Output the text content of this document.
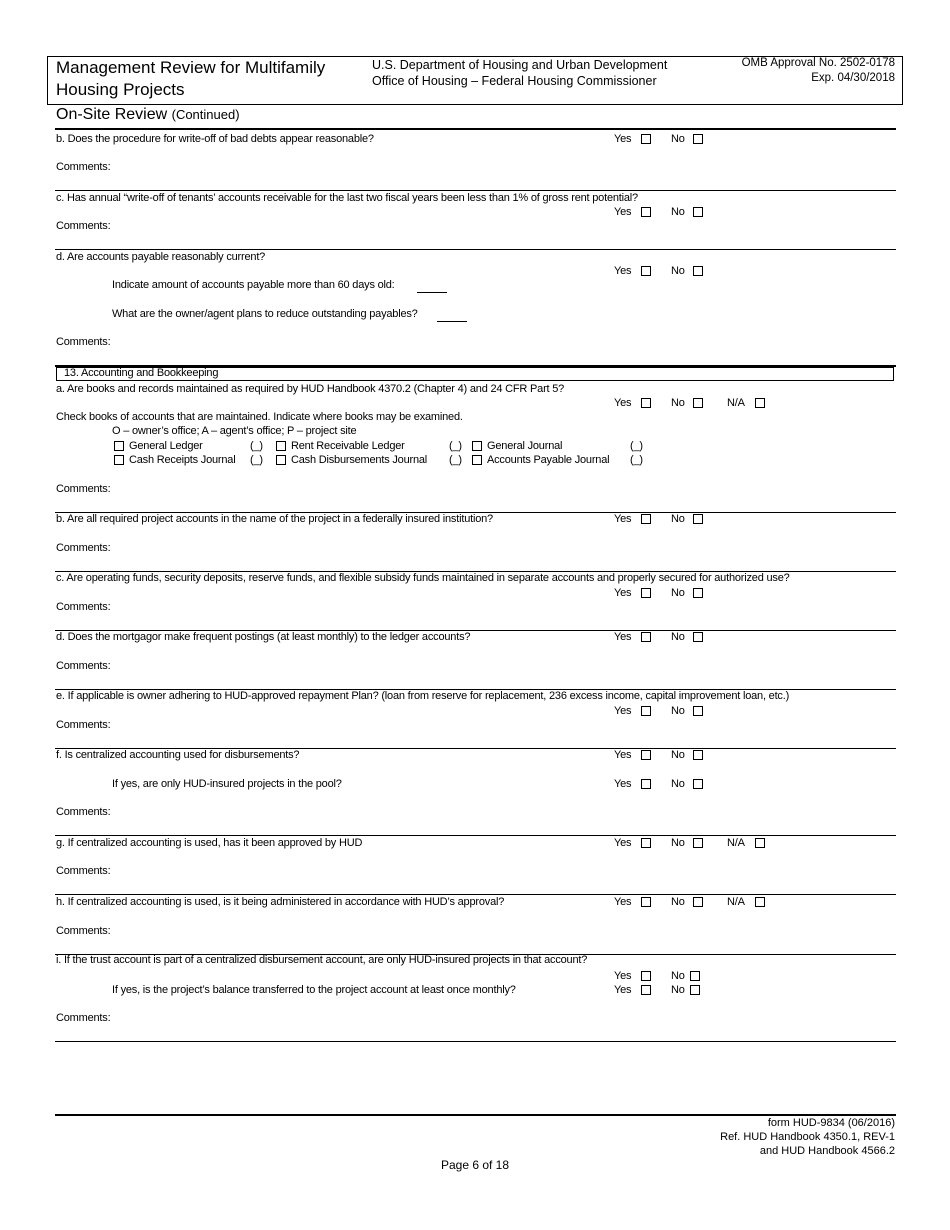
Management Review for Multifamily
Housing Projects
U.S. Department of Housing and Urban Development
Office of Housing – Federal Housing Commissioner
OMB Approval No. 2502-0178
Exp. 04/30/2018
On-Site Review (Continued)
b. Does the procedure for write-off of bad debts appear reasonable?	Yes	No
Comments:
c. Has annual “write-off of tenants’ accounts receivable for the last two fiscal years been less than 1% of gross rent potential?
Yes	No
Comments:
d. Are accounts payable reasonably current?
Yes	No
Indicate amount of accounts payable more than 60 days old:
What are the owner/agent plans to reduce outstanding payables?
Comments:
13. Accounting and Bookkeeping
a. Are books and records maintained as required by HUD Handbook 4370.2 (Chapter 4) and 24 CFR Part 5?
Yes	No	N/A
Check books of accounts that are maintained. Indicate where books may be examined.
O – owner’s office; A – agent’s office; P – project site
General Ledger	(_)	Rent Receivable Ledger	(_) General Journal	(_)
Cash Receipts Journal (_)	Cash Disbursements Journal (_) Accounts Payable Journal (_)
Comments:
b. Are all required project accounts in the name of the project in a federally insured institution?	Yes	No
Comments:
c. Are operating funds, security deposits, reserve funds, and flexible subsidy funds maintained in separate accounts and properly secured for authorized use?
Yes	No
Comments:
d. Does the mortgagor make frequent postings (at least monthly) to the ledger accounts?	Yes	No
Comments:
e. If applicable is owner adhering to HUD-approved repayment Plan? (loan from reserve for replacement, 236 excess income, capital improvement loan, etc.)
Yes	No
Comments:
f. Is centralized accounting used for disbursements?	Yes	No
If yes, are only HUD-insured projects in the pool?	Yes	No
Comments:
g. If centralized accounting is used, has it been approved by HUD	Yes	No	N/A
Comments:
h. If centralized accounting is used, is it being administered in accordance with HUD’s approval?	Yes	No	N/A
Comments:
i. If the trust account is part of a centralized disbursement account, are only HUD-insured projects in that account?
Yes	No
If yes, is the project’s balance transferred to the project account at least once monthly?	Yes	No
Comments:
form HUD-9834 (06/2016)
Ref. HUD Handbook 4350.1, REV-1
and HUD Handbook 4566.2
Page 6 of 18
